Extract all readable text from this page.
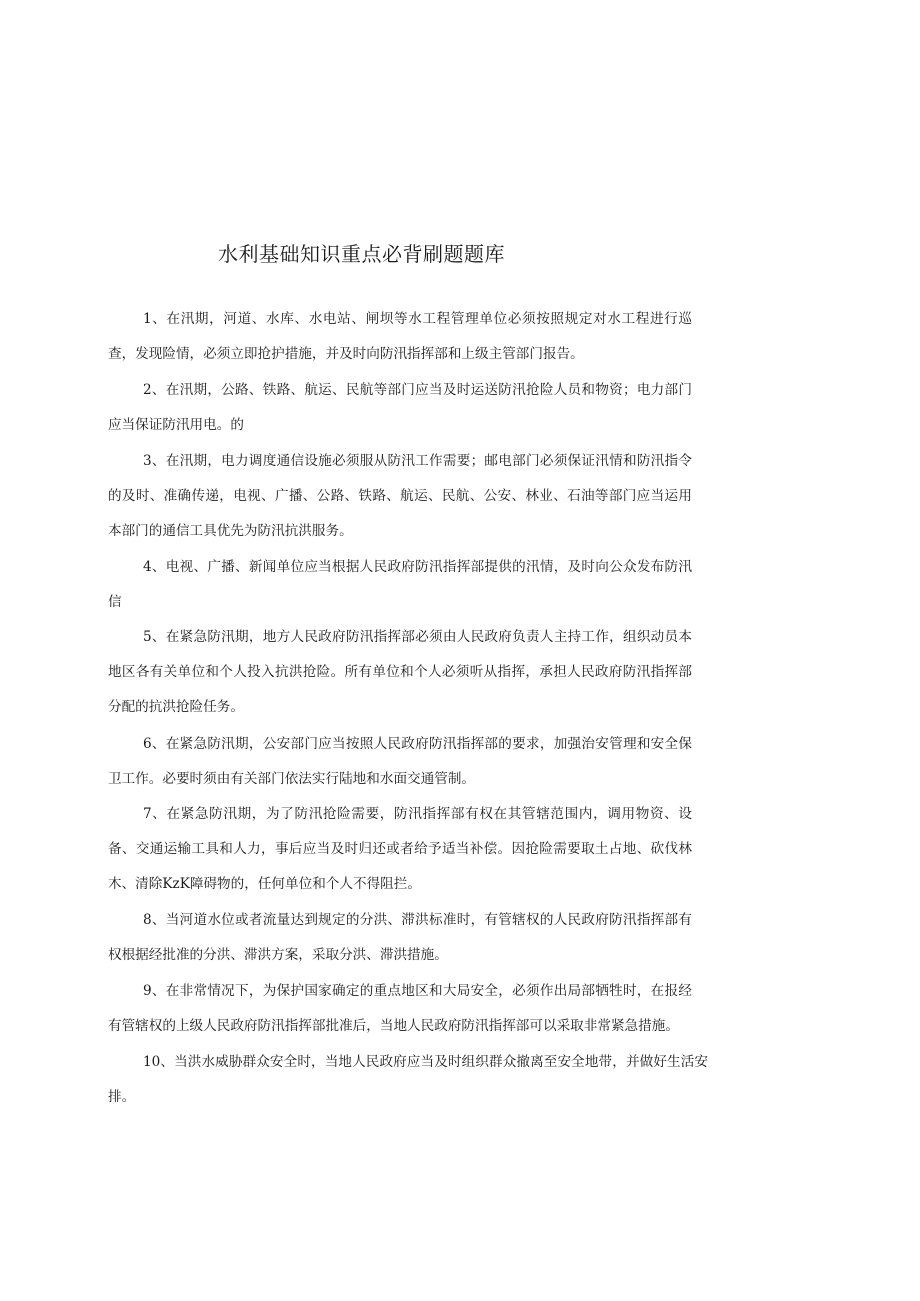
水利基础知识重点必背刷题题库

1、在汛期，河道、水库、水电站、闸坝等水工程管理单位必须按照规定对水工程进行巡查，发现险情，必须立即抢护措施，并及时向防汛指挥部和上级主管部门报告。

2、在汛期，公路、铁路、航运、民航等部门应当及时运送防汛抢险人员和物资；电力部门应当保证防汛用电。的

3、在汛期，电力调度通信设施必须服从防汛工作需要；邮电部门必须保证汛情和防汛指令的及时、准确传递，电视、广播、公路、铁路、航运、民航、公安、林业、石油等部门应当运用本部门的通信工具优先为防汛抗洪服务。

4、电视、广播、新闻单位应当根据人民政府防汛指挥部提供的汛情，及时向公众发布防汛信

5、在紧急防汛期，地方人民政府防汛指挥部必须由人民政府负责人主持工作，组织动员本地区各有关单位和个人投入抗洪抢险。所有单位和个人必须听从指挥，承担人民政府防汛指挥部分配的抗洪抢险任务。

6、在紧急防汛期，公安部门应当按照人民政府防汛指挥部的要求，加强治安管理和安全保卫工作。必要时须由有关部门依法实行陆地和水面交通管制。

7、在紧急防汛期，为了防汛抢险需要，防汛指挥部有权在其管辖范围内，调用物资、设备、交通运输工具和人力，事后应当及时归还或者给予适当补偿。因抢险需要取土占地、砍伐林木、清除KzK障碍物的，任何单位和个人不得阻拦。

8、当河道水位或者流量达到规定的分洪、滞洪标准时，有管辖权的人民政府防汛指挥部有权根据经批准的分洪、滞洪方案，采取分洪、滞洪措施。

9、在非常情况下，为保护国家确定的重点地区和大局安全，必须作出局部牺牲时，在报经有管辖权的上级人民政府防汛指挥部批准后，当地人民政府防汛指挥部可以采取非常紧急措施。

10、当洪水威胁群众安全时，当地人民政府应当及时组织群众撤离至安全地带，并做好生活安排。
